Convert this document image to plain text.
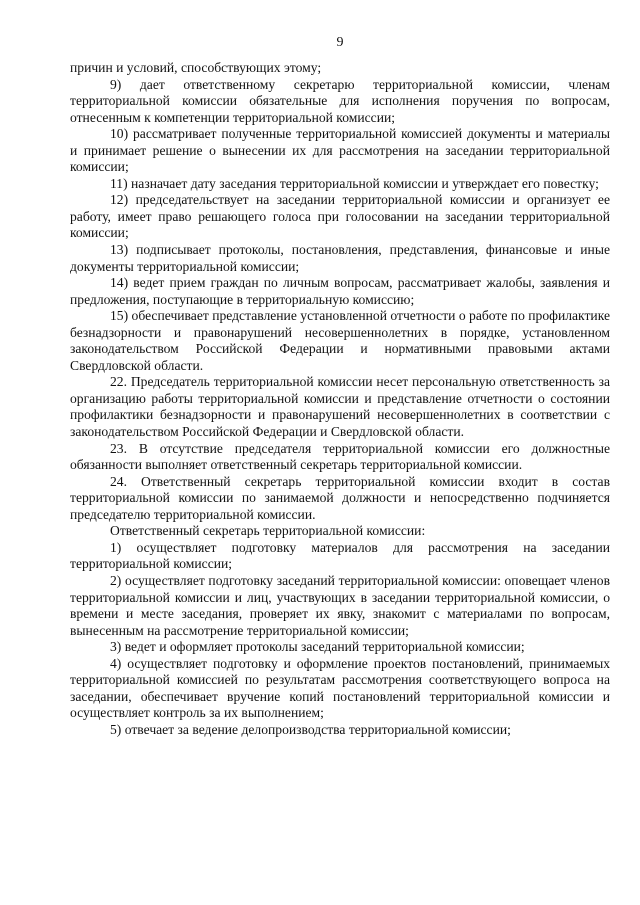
9

причин и условий, способствующих этому;

9) дает ответственному секретарю территориальной комиссии, членам территориальной комиссии обязательные для исполнения поручения по вопросам, отнесенным к компетенции территориальной комиссии;

10) рассматривает полученные территориальной комиссией документы и материалы и принимает решение о вынесении их для рассмотрения на заседании территориальной комиссии;

11) назначает дату заседания территориальной комиссии и утверждает его повестку;

12) председательствует на заседании территориальной комиссии и организует ее работу, имеет право решающего голоса при голосовании на заседании территориальной комиссии;

13) подписывает протоколы, постановления, представления, финансовые и иные документы территориальной комиссии;

14) ведет прием граждан по личным вопросам, рассматривает жалобы, заявления и предложения, поступающие в территориальную комиссию;

15) обеспечивает представление установленной отчетности о работе по профилактике безнадзорности и правонарушений несовершеннолетних в порядке, установленном законодательством Российской Федерации и нормативными правовыми актами Свердловской области.

22. Председатель территориальной комиссии несет персональную ответственность за организацию работы территориальной комиссии и представление отчетности о состоянии профилактики безнадзорности и правонарушений несовершеннолетних в соответствии с законодательством Российской Федерации и Свердловской области.

23. В отсутствие председателя территориальной комиссии его должностные обязанности выполняет ответственный секретарь территориальной комиссии.

24. Ответственный секретарь территориальной комиссии входит в состав территориальной комиссии по занимаемой должности и непосредственно подчиняется председателю территориальной комиссии.

Ответственный секретарь территориальной комиссии:

1) осуществляет подготовку материалов для рассмотрения на заседании территориальной комиссии;

2) осуществляет подготовку заседаний территориальной комиссии: оповещает членов территориальной комиссии и лиц, участвующих в заседании территориальной комиссии, о времени и месте заседания, проверяет их явку, знакомит с материалами по вопросам, вынесенным на рассмотрение территориальной комиссии;

3) ведет и оформляет протоколы заседаний территориальной комиссии;

4) осуществляет подготовку и оформление проектов постановлений, принимаемых территориальной комиссией по результатам рассмотрения соответствующего вопроса на заседании, обеспечивает вручение копий постановлений территориальной комиссии и осуществляет контроль за их выполнением;

5) отвечает за ведение делопроизводства территориальной комиссии;
